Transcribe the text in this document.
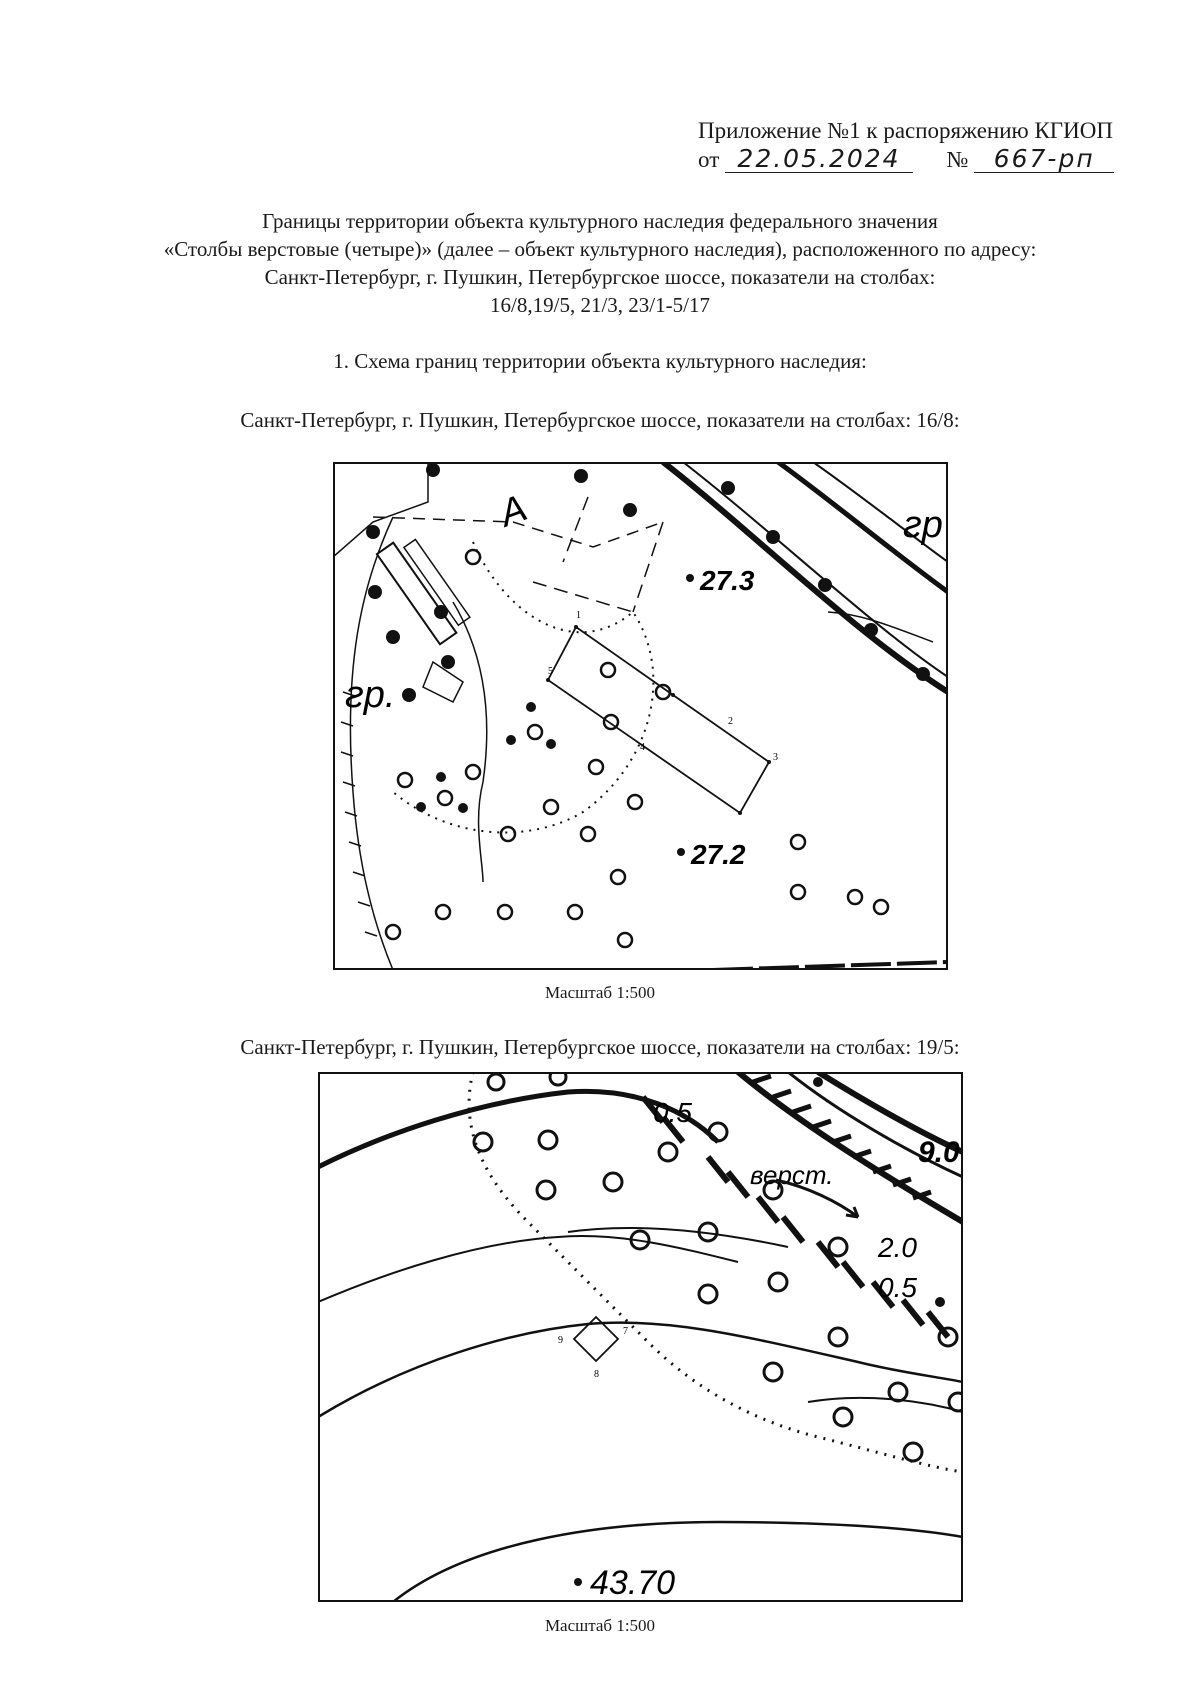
Приложение №1 к распоряжению КГИОП
от 22.05.2024 № 667-рп
Границы территории объекта культурного наследия федерального значения
«Столбы верстовые (четыре)» (далее – объект культурного наследия), расположенного по адресу:
Санкт-Петербург, г. Пушкин, Петербургское шоссе, показатели на столбах:
16/8,19/5, 21/3, 23/1-5/17
1. Схема границ территории объекта культурного наследия:
Санкт-Петербург, г. Пушкин, Петербургское шоссе, показатели на столбах: 16/8:
А
гр.
1
3
2
4
5
27.3
27.2
гр
Масштаб 1:500
Санкт-Петербург, г. Пушкин, Петербургское шоссе, показатели на столбах: 19/5:
7
8
9
0.5
верст.
9.0
2.0
0.5
43.70
Масштаб 1:500
